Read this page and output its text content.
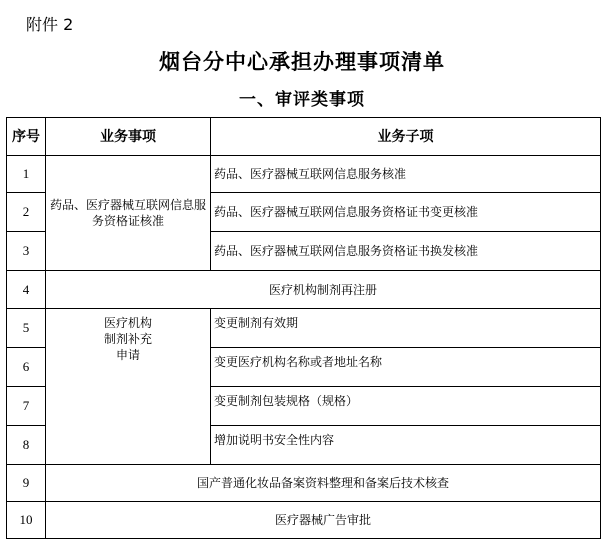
附件 2
烟台分中心承担办理事项清单
一、审评类事项
序号	业务事项	业务子项
1	药品、医疗器械互联网信息服务资格证核准	药品、医疗器械互联网信息服务核准
2		药品、医疗器械互联网信息服务资格证书变更核准
3		药品、医疗器械互联网信息服务资格证书换发核准
4	医疗机构制剂再注册	
5	医疗机构
制剂补充
申请	变更制剂有效期
6		变更医疗机构名称或者地址名称
7		变更制剂包装规格（规格）
8		增加说明书安全性内容
9	国产普通化妆品备案资料整理和备案后技术核查	
10	医疗器械广告审批	
